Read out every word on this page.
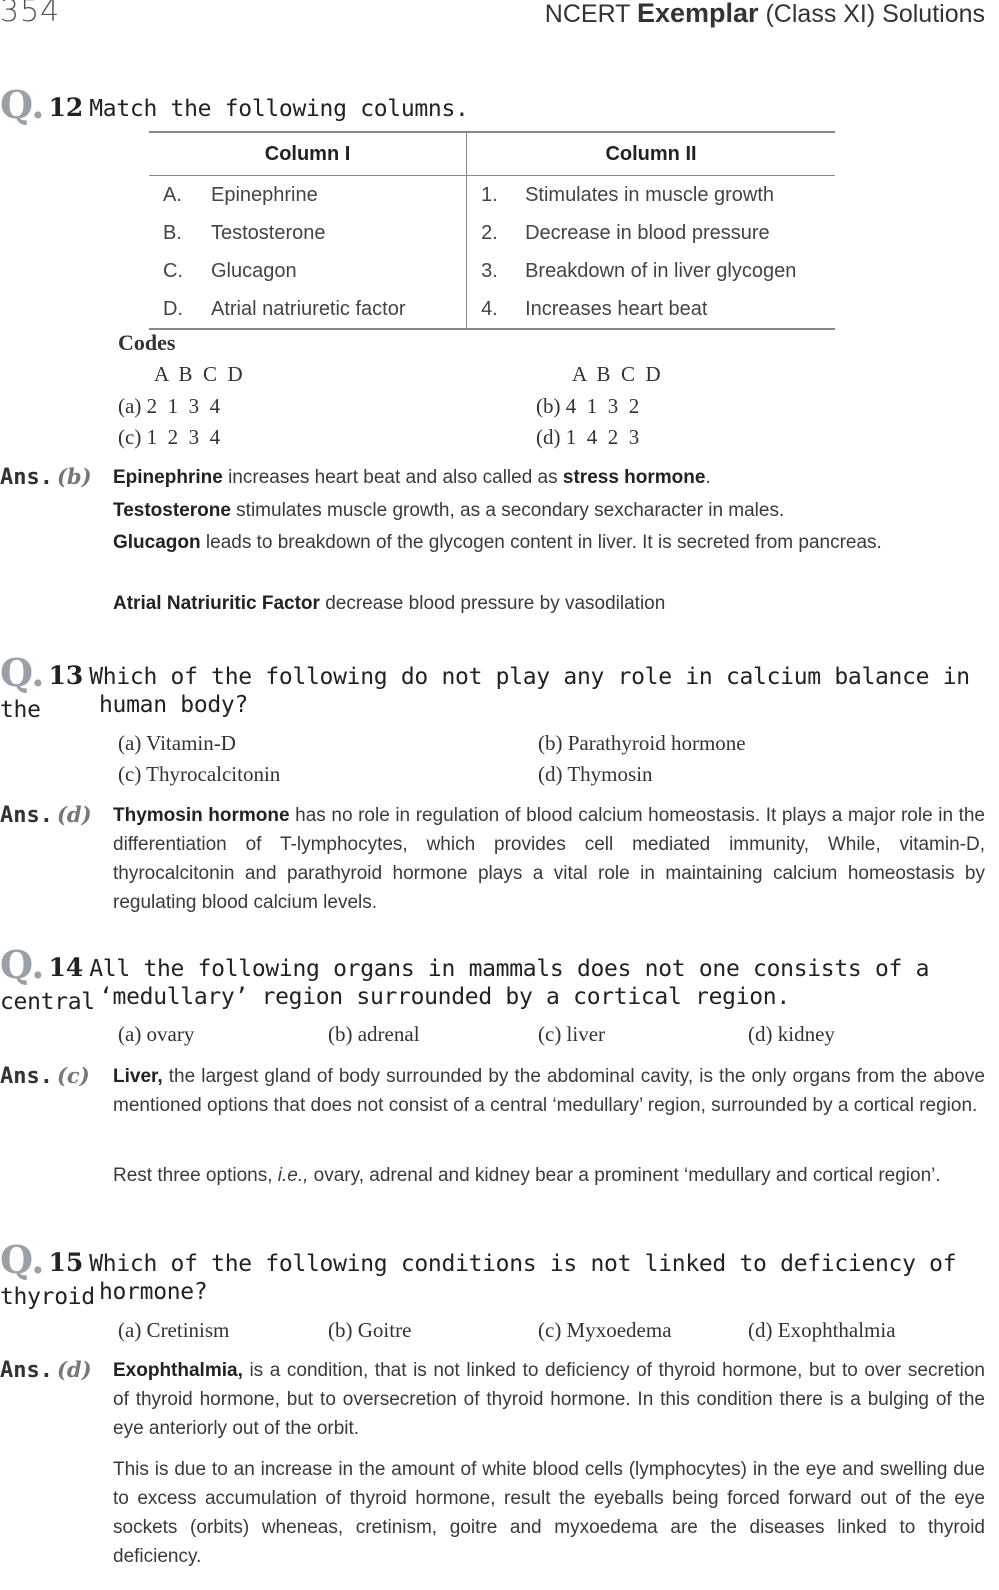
354	NCERT Exemplar (Class XI) Solutions
Q. 12 Match the following columns.
Column I		Column II	
A.	Epinephrine	1.	Stimulates in muscle growth
B.	Testosterone	2.	Decrease in blood pressure
C.	Glucagon	3.	Breakdown of in liver glycogen
D.	Atrial natriuretic factor	4.	Increases heart beat
Codes
A  B  C  D	A  B  C  D
(a) 2  1  3  4	(b) 4  1  3  2
(c) 1  2  3  4	(d) 1  4  2  3
Ans. (b) Epinephrine increases heart beat and also called as stress hormone.
Testosterone stimulates muscle growth, as a secondary sexcharacter in males.
Glucagon leads to breakdown of the glycogen content in liver. It is secreted from pancreas.
Atrial Natriuritic Factor decrease blood pressure by vasodilation
Q. 13 Which of the following do not play any role in calcium balance in the	human body?
(a) Vitamin-D	(b) Parathyroid hormone
(c) Thyrocalcitonin	(d) Thymosin
Ans. (d) Thymosin hormone has no role in regulation of blood calcium homeostasis. It plays a major role in the differentiation of T-lymphocytes, which provides cell mediated immunity, While, vitamin-D, thyrocalcitonin and parathyroid hormone plays a vital role in maintaining calcium homeostasis by regulating blood calcium levels.
Q. 14 All the following organs in mammals does not one consists of a central ‘medullary’ region surrounded by a cortical region.
(a) ovary	(b) adrenal	(c) liver	(d) kidney
Ans. (c) Liver, the largest gland of body surrounded by the abdominal cavity, is the only organs from the above mentioned options that does not consist of a central ‘medullary’ region, surrounded by a cortical region.
Rest three options, i.e., ovary, adrenal and kidney bear a prominent ‘medullary and cortical region’.
Q. 15 Which of the following conditions is not linked to deficiency of thyroid hormone?
(a) Cretinism	(b) Goitre	(c) Myxoedema	(d) Exophthalmia
Ans. (d) Exophthalmia, is a condition, that is not linked to deficiency of thyroid hormone, but to over secretion of thyroid hormone, but to oversecretion of thyroid hormone. In this condition there is a bulging of the eye anteriorly out of the orbit.
This is due to an increase in the amount of white blood cells (lymphocytes) in the eye and swelling due to excess accumulation of thyroid hormone, result the eyeballs being forced forward out of the eye sockets (orbits) wheneas, cretinism, goitre and myxoedema are the diseases linked to thyroid deficiency.
